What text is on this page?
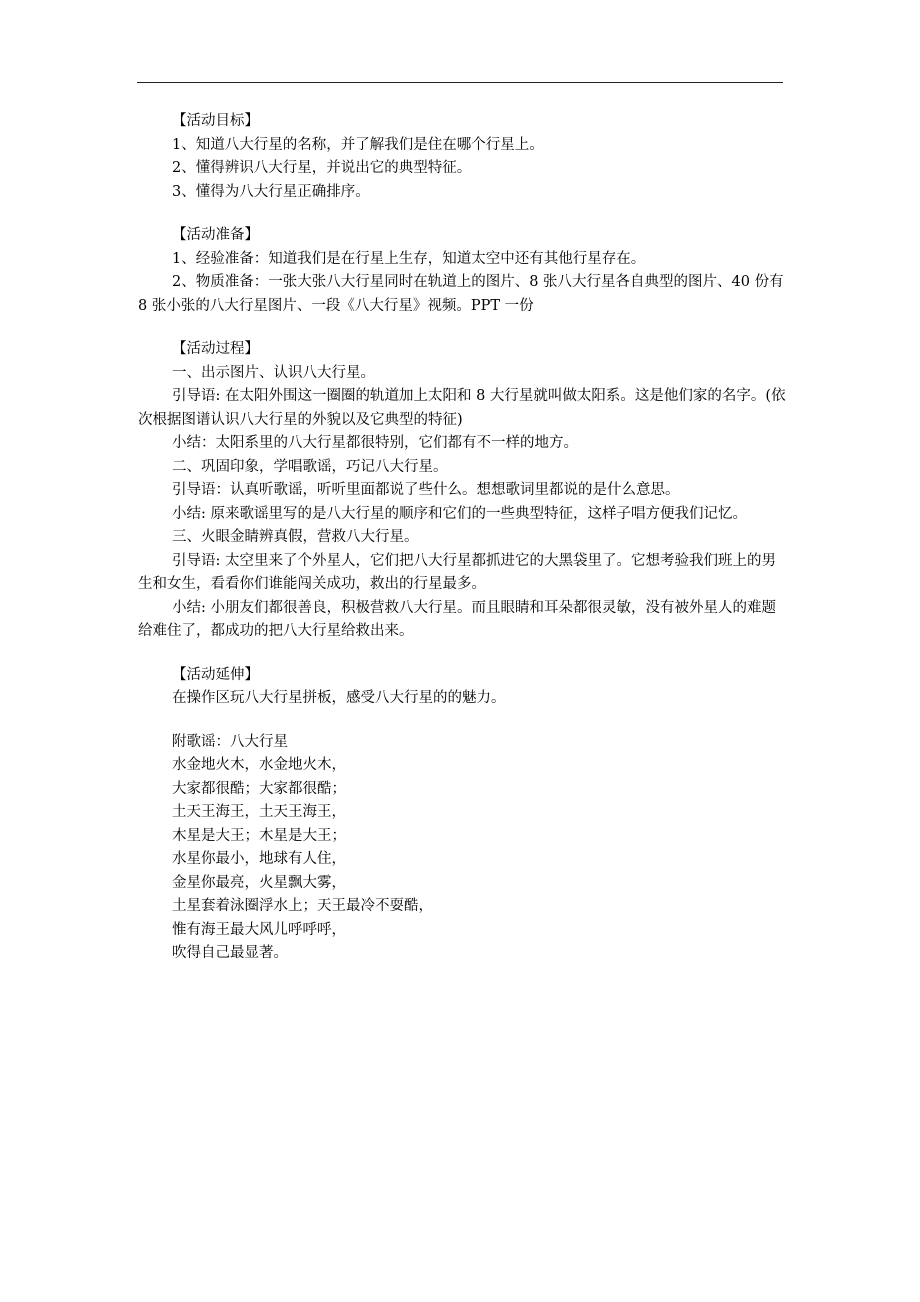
【活动目标】

1、知道八大行星的名称，并了解我们是住在哪个行星上。

2、懂得辨识八大行星，并说出它的典型特征。

3、懂得为八大行星正确排序。

【活动准备】

1、经验准备：知道我们是在行星上生存，知道太空中还有其他行星存在。

2、物质准备：一张大张八大行星同时在轨道上的图片、8 张八大行星各自典型的图片、40 份有 8 张小张的八大行星图片、一段《八大行星》视频。PPT 一份

【活动过程】

一、出示图片、认识八大行星。

引导语: 在太阳外围这一圈圈的轨道加上太阳和 8 大行星就叫做太阳系。这是他们家的名字。(依次根据图谱认识八大行星的外貌以及它典型的特征)

小结：太阳系里的八大行星都很特别，它们都有不一样的地方。

二、巩固印象，学唱歌谣，巧记八大行星。

引导语：认真听歌谣，听听里面都说了些什么。想想歌词里都说的是什么意思。

小结: 原来歌谣里写的是八大行星的顺序和它们的一些典型特征，这样子唱方便我们记忆。

三、火眼金睛辨真假，营救八大行星。

引导语: 太空里来了个外星人，它们把八大行星都抓进它的大黑袋里了。它想考验我们班上的男生和女生，看看你们谁能闯关成功，救出的行星最多。

小结: 小朋友们都很善良，积极营救八大行星。而且眼睛和耳朵都很灵敏，没有被外星人的难题给难住了，都成功的把八大行星给救出来。

【活动延伸】

在操作区玩八大行星拼板，感受八大行星的的魅力。

附歌谣：八大行星

水金地火木，水金地火木，

大家都很酷；大家都很酷；

土天王海王，土天王海王，

木星是大王；木星是大王；

水星你最小，地球有人住，

金星你最亮，火星飘大雾，

土星套着泳圈浮水上；天王最冷不耍酷，

惟有海王最大风儿呼呼呼，

吹得自己最显著。
